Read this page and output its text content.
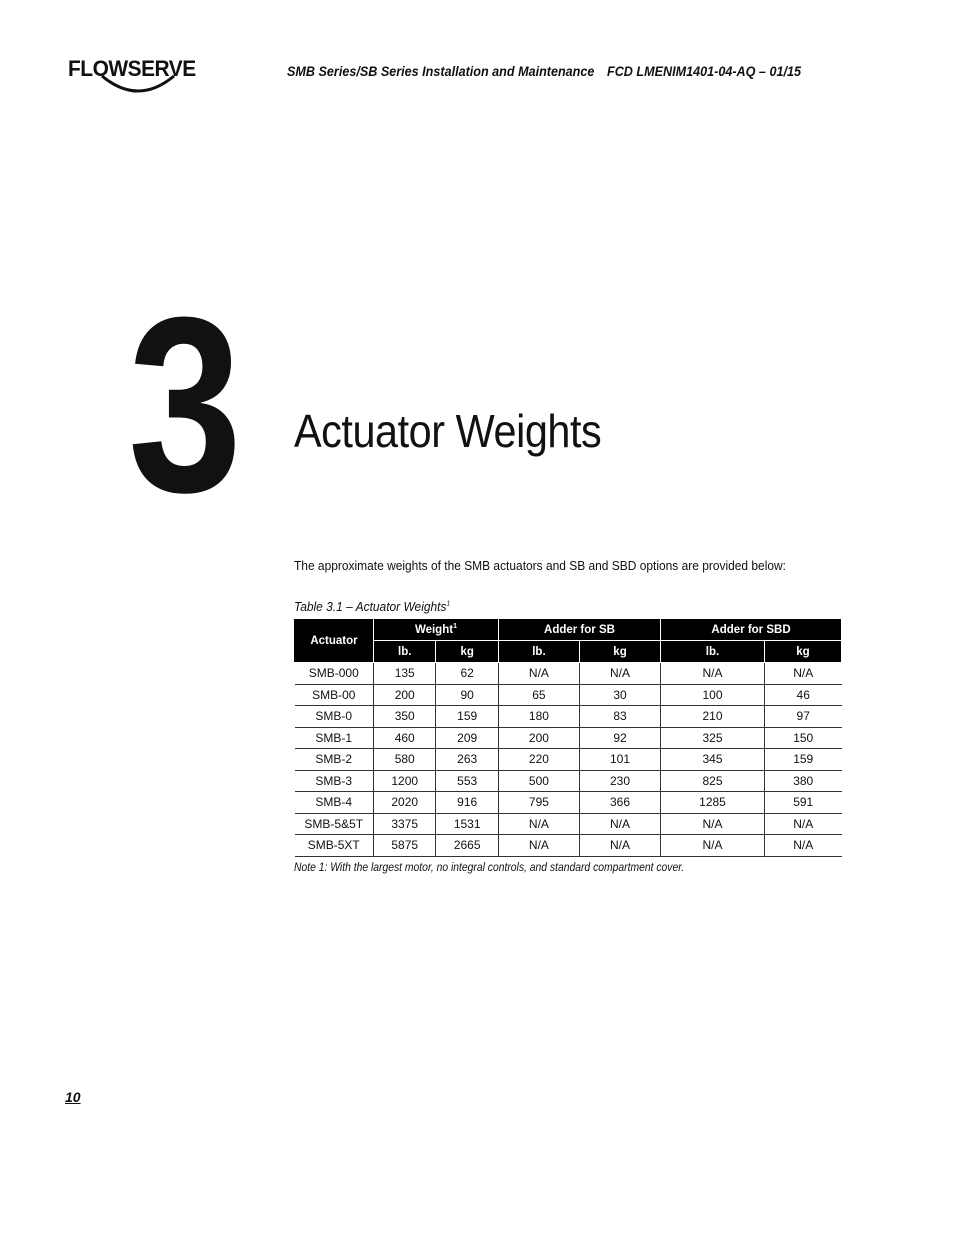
FLOWSERVE	SMB Series/SB Series Installation and Maintenance FCD LMENIM1401-04-AQ – 01/15
3 Actuator Weights
The approximate weights of the SMB actuators and SB and SBD options are provided below:
Table 3.1 – Actuator Weights$^1$
Actuator	Weight$^1$		Adder for SB		Adder for SBD	
	lb.	kg	lb.	kg	lb.	kg
SMB-000	135	62	N/A	N/A	N/A	N/A
SMB-00	200	90	65	30	100	46
SMB-0	350	159	180	83	210	97
SMB-1	460	209	200	92	325	150
SMB-2	580	263	220	101	345	159
SMB-3	1200	553	500	230	825	380
SMB-4	2020	916	795	366	1285	591
SMB-5&5T	3375	1531	N/A	N/A	N/A	N/A
SMB-5XT	5875	2665	N/A	N/A	N/A	N/A
Note 1: With the largest motor, no integral controls, and standard compartment cover.
10
